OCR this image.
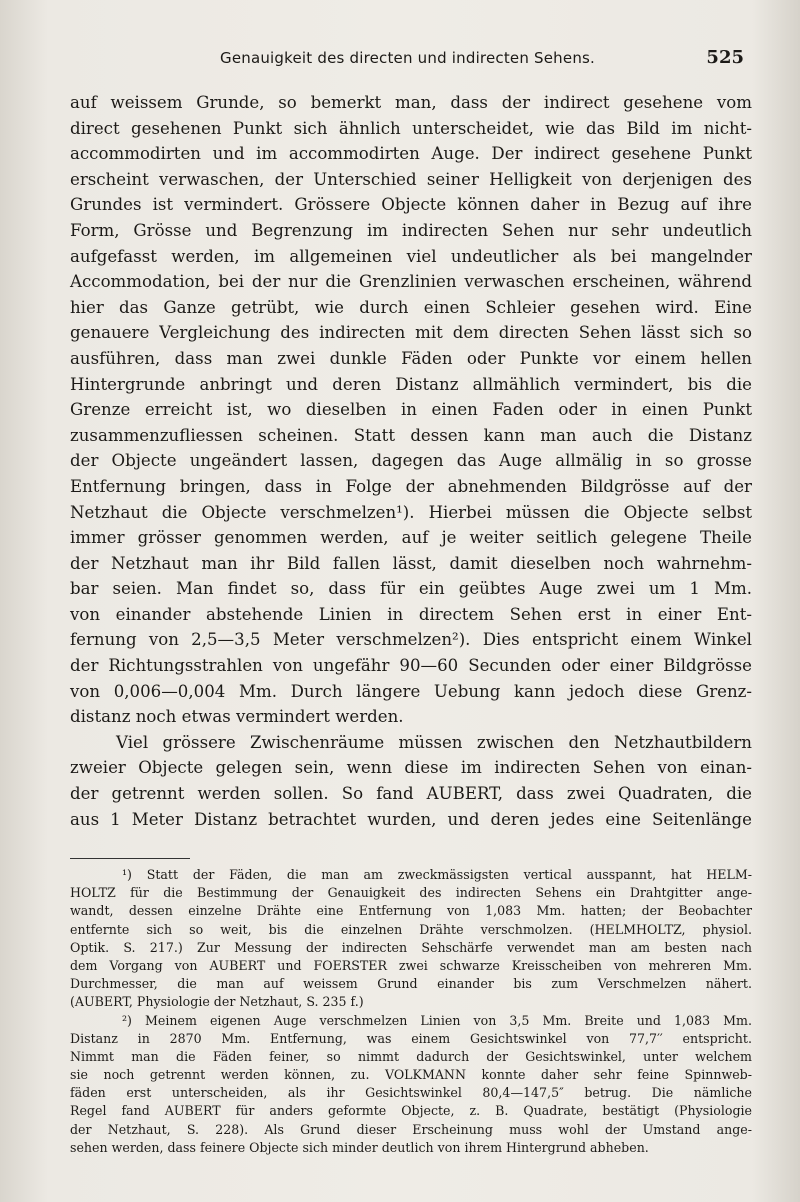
Genauigkeit des directen und indirecten Sehens.	525
auf weissem Grunde, so bemerkt man, dass der indirect gesehene vom
direct gesehenen Punkt sich ähnlich unterscheidet, wie das Bild im nicht-
accommodirten und im accommodirten Auge. Der indirect gesehene Punkt
erscheint verwaschen, der Unterschied seiner Helligkeit von derjenigen des
Grundes ist vermindert. Grössere Objecte können daher in Bezug auf ihre
Form, Grösse und Begrenzung im indirecten Sehen nur sehr undeutlich
aufgefasst werden, im allgemeinen viel undeutlicher als bei mangelnder
Accommodation, bei der nur die Grenzlinien verwaschen erscheinen, während
hier das Ganze getrübt, wie durch einen Schleier gesehen wird. Eine
genauere Vergleichung des indirecten mit dem directen Sehen lässt sich so
ausführen, dass man zwei dunkle Fäden oder Punkte vor einem hellen
Hintergrunde anbringt und deren Distanz allmählich vermindert, bis die
Grenze erreicht ist, wo dieselben in einen Faden oder in einen Punkt
zusammenzufliessen scheinen. Statt dessen kann man auch die Distanz
der Objecte ungeändert lassen, dagegen das Auge allmälig in so grosse
Entfernung bringen, dass in Folge der abnehmenden Bildgrösse auf der
Netzhaut die Objecte verschmelzen¹). Hierbei müssen die Objecte selbst
immer grösser genommen werden, auf je weiter seitlich gelegene Theile
der Netzhaut man ihr Bild fallen lässt, damit dieselben noch wahrnehm-
bar seien. Man findet so, dass für ein geübtes Auge zwei um 1 Mm.
von einander abstehende Linien in directem Sehen erst in einer Ent-
fernung von 2,5—3,5 Meter verschmelzen²). Dies entspricht einem Winkel
der Richtungsstrahlen von ungefähr 90—60 Secunden oder einer Bildgrösse
von 0,006—0,004 Mm. Durch längere Uebung kann jedoch diese Grenz-
distanz noch etwas vermindert werden.
Viel grössere Zwischenräume müssen zwischen den Netzhautbildern
zweier Objecte gelegen sein, wenn diese im indirecten Sehen von einan-
der getrennt werden sollen. So fand AUBERT, dass zwei Quadraten, die
aus 1 Meter Distanz betrachtet wurden, und deren jedes eine Seitenlänge
¹) Statt der Fäden, die man am zweckmässigsten vertical ausspannt, hat HELM-
HOLTZ für die Bestimmung der Genauigkeit des indirecten Sehens ein Drahtgitter ange-
wandt, dessen einzelne Drähte eine Entfernung von 1,083 Mm. hatten; der Beobachter
entfernte sich so weit, bis die einzelnen Drähte verschmolzen. (HELMHOLTZ, physiol.
Optik. S. 217.) Zur Messung der indirecten Sehschärfe verwendet man am besten nach
dem Vorgang von AUBERT und FOERSTER zwei schwarze Kreisscheiben von mehreren Mm.
Durchmesser, die man auf weissem Grund einander bis zum Verschmelzen nähert.
(AUBERT, Physiologie der Netzhaut, S. 235 f.)
²) Meinem eigenen Auge verschmelzen Linien von 3,5 Mm. Breite und 1,083 Mm.
Distanz in 2870 Mm. Entfernung, was einem Gesichtswinkel von 77,7′′ entspricht.
Nimmt man die Fäden feiner, so nimmt dadurch der Gesichtswinkel, unter welchem
sie noch getrennt werden können, zu. VOLKMANN konnte daher sehr feine Spinnweb-
fäden erst unterscheiden, als ihr Gesichtswinkel 80,4—147,5″ betrug. Die nämliche
Regel fand AUBERT für anders geformte Objecte, z. B. Quadrate, bestätigt (Physiologie
der Netzhaut, S. 228). Als Grund dieser Erscheinung muss wohl der Umstand ange-
sehen werden, dass feinere Objecte sich minder deutlich von ihrem Hintergrund abheben.
